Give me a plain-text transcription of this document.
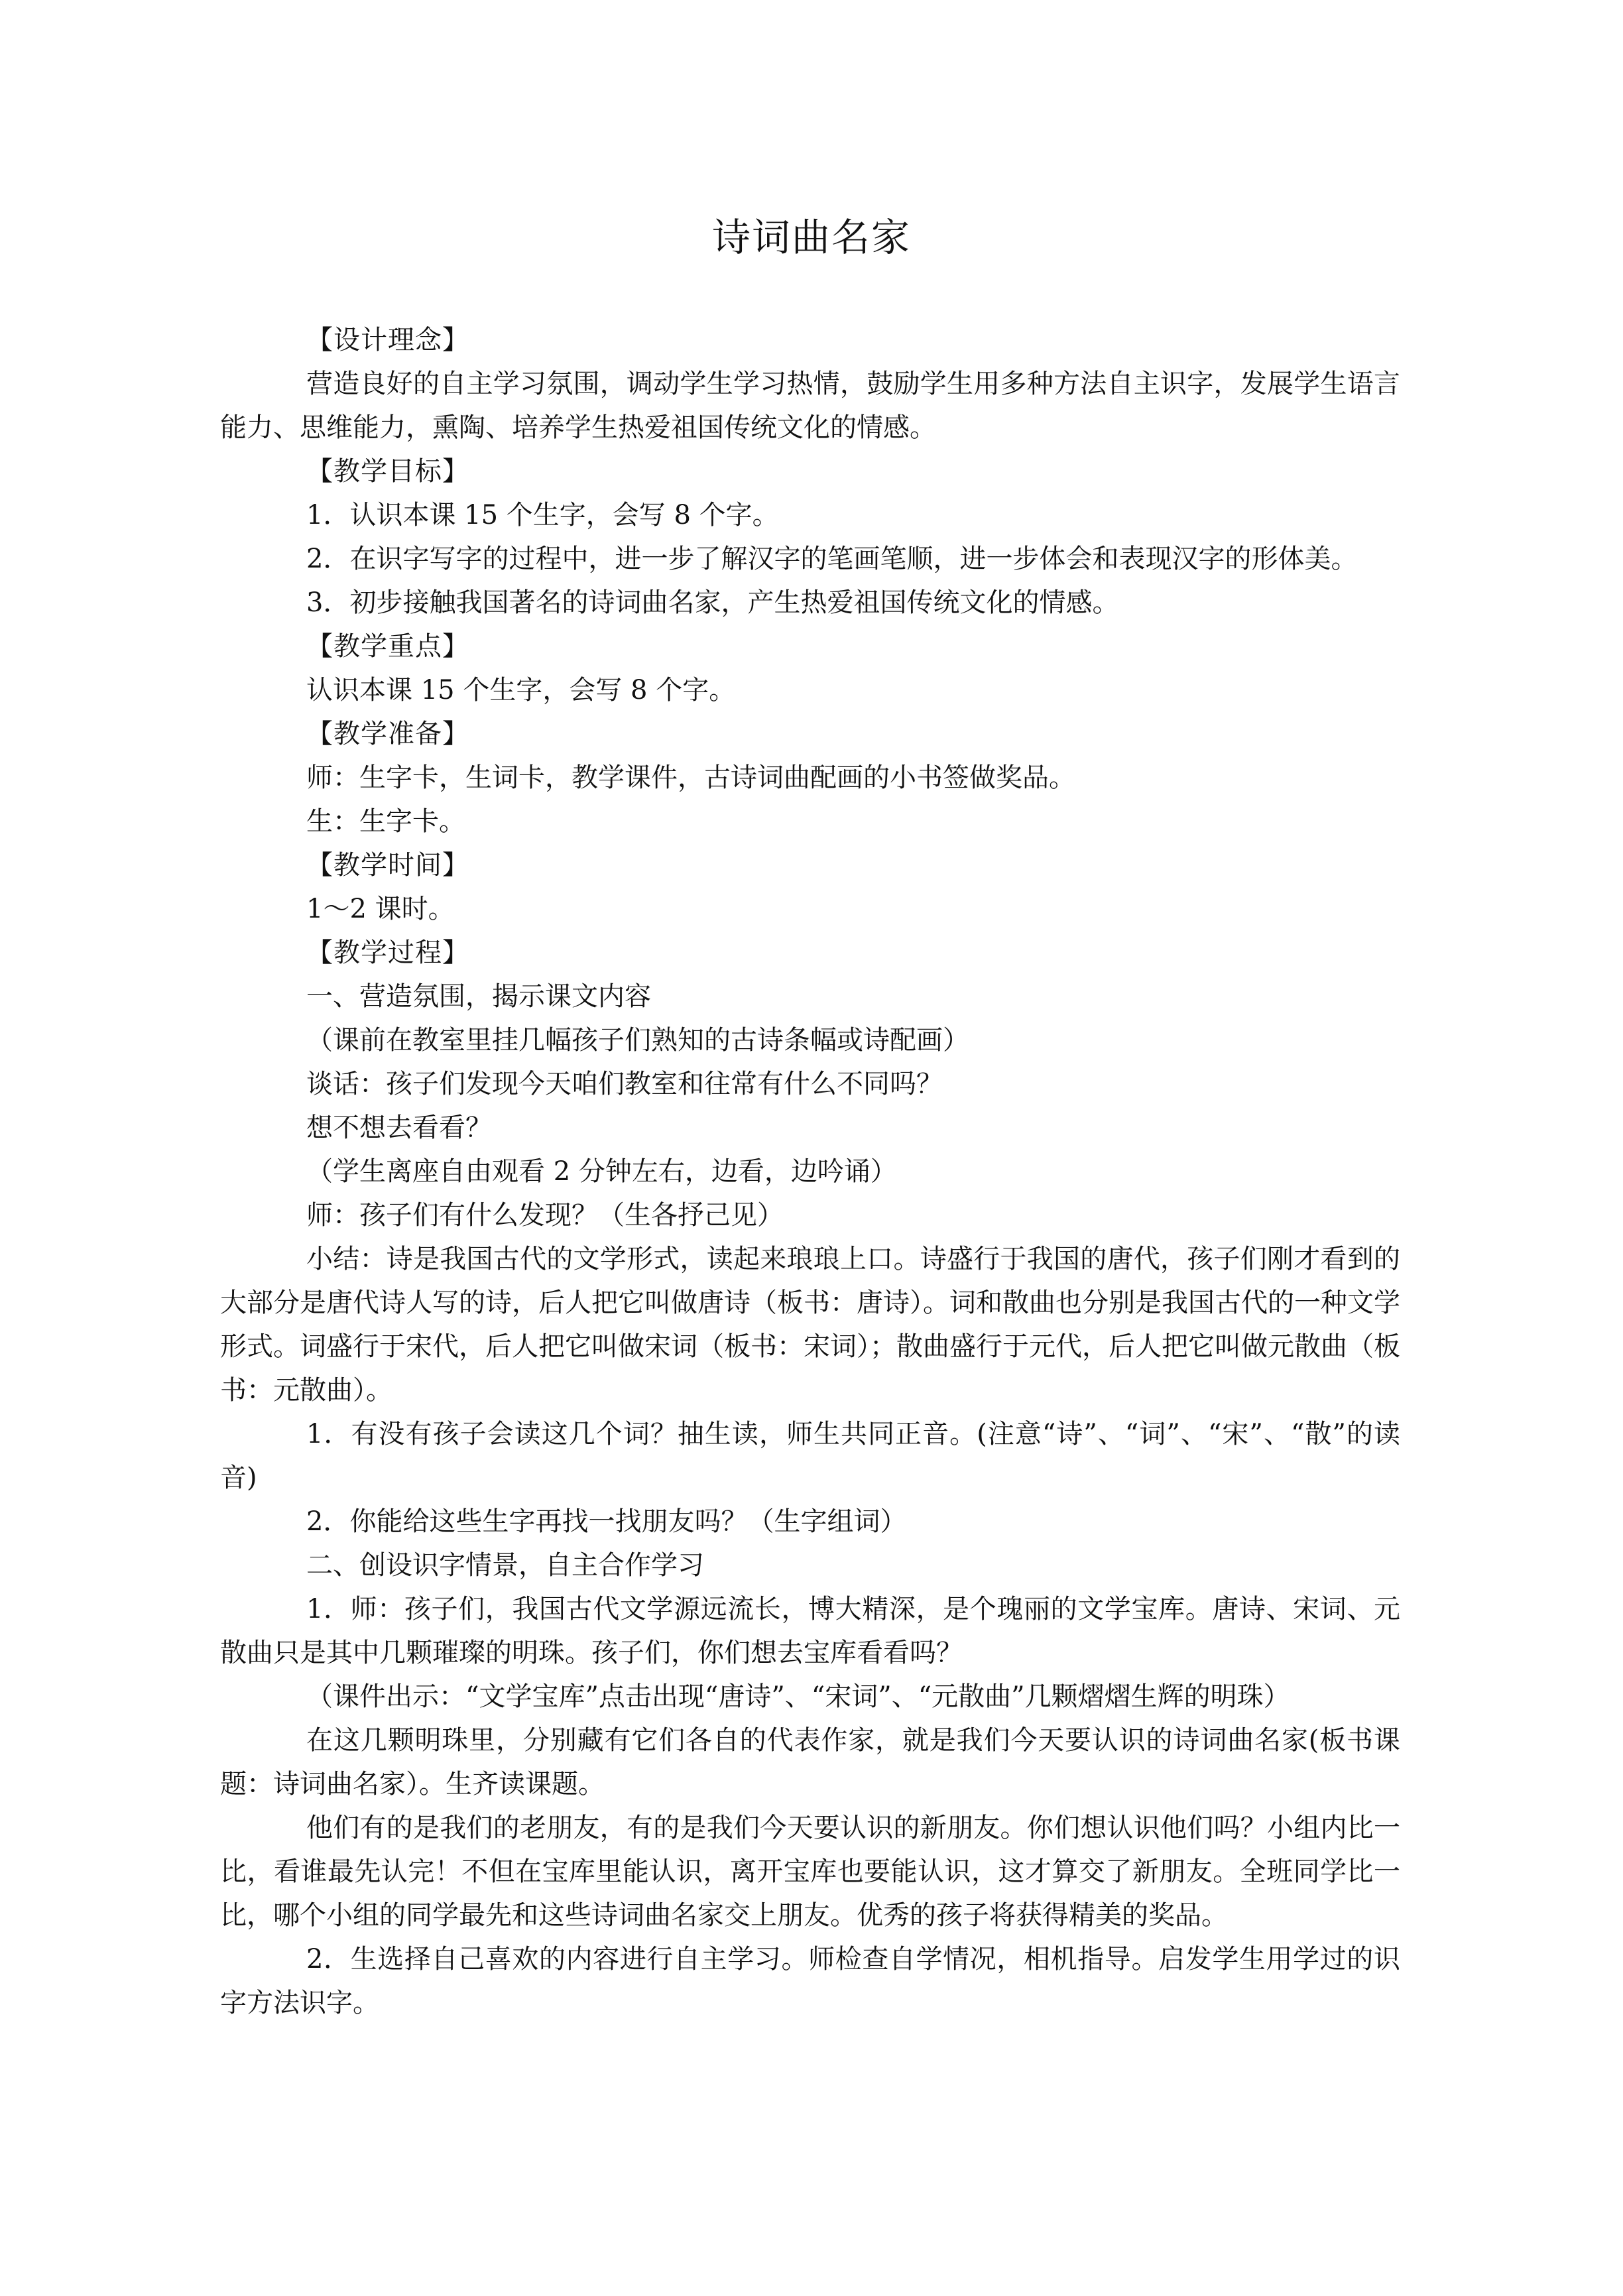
诗词曲名家

【设计理念】

营造良好的自主学习氛围，调动学生学习热情，鼓励学生用多种方法自主识字，发展学生语言能力、思维能力，熏陶、培养学生热爱祖国传统文化的情感。

【教学目标】

1．认识本课 15 个生字，会写 8 个字。

2．在识字写字的过程中，进一步了解汉字的笔画笔顺，进一步体会和表现汉字的形体美。

3．初步接触我国著名的诗词曲名家，产生热爱祖国传统文化的情感。

【教学重点】

认识本课 15 个生字，会写 8 个字。

【教学准备】

师：生字卡，生词卡，教学课件，古诗词曲配画的小书签做奖品。

生：生字卡。

【教学时间】

1～2 课时。

【教学过程】

一、营造氛围，揭示课文内容

（课前在教室里挂几幅孩子们熟知的古诗条幅或诗配画）

谈话：孩子们发现今天咱们教室和往常有什么不同吗？

想不想去看看？

（学生离座自由观看 2 分钟左右，边看，边吟诵）

师：孩子们有什么发现？（生各抒己见）

小结：诗是我国古代的文学形式，读起来琅琅上口。诗盛行于我国的唐代，孩子们刚才看到的大部分是唐代诗人写的诗，后人把它叫做唐诗（板书：唐诗）。词和散曲也分别是我国古代的一种文学形式。词盛行于宋代，后人把它叫做宋词（板书：宋词）；散曲盛行于元代，后人把它叫做元散曲（板书：元散曲）。

1．有没有孩子会读这几个词？抽生读，师生共同正音。(注意“诗”、“词”、“宋”、“散”的读音)

2．你能给这些生字再找一找朋友吗？（生字组词）

二、创设识字情景，自主合作学习

1．师：孩子们，我国古代文学源远流长，博大精深，是个瑰丽的文学宝库。唐诗、宋词、元散曲只是其中几颗璀璨的明珠。孩子们，你们想去宝库看看吗？

（课件出示：“文学宝库”点击出现“唐诗”、“宋词”、“元散曲”几颗熠熠生辉的明珠）

在这几颗明珠里，分别藏有它们各自的代表作家，就是我们今天要认识的诗词曲名家(板书课题：诗词曲名家）。生齐读课题。

他们有的是我们的老朋友，有的是我们今天要认识的新朋友。你们想认识他们吗？小组内比一比，看谁最先认完！不但在宝库里能认识，离开宝库也要能认识，这才算交了新朋友。全班同学比一比，哪个小组的同学最先和这些诗词曲名家交上朋友。优秀的孩子将获得精美的奖品。

2．生选择自己喜欢的内容进行自主学习。师检查自学情况，相机指导。启发学生用学过的识字方法识字。
